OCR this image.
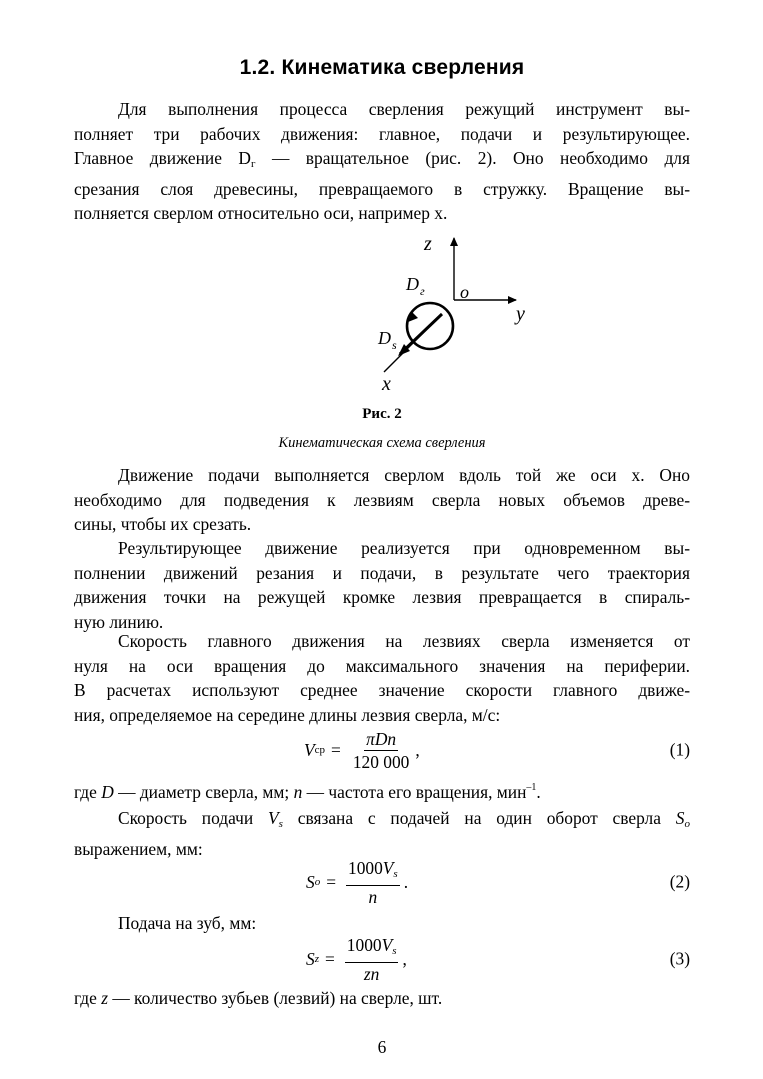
1.2. Кинематика сверления
Для выполнения процесса сверления режущий инструмент вы-
полняет три рабочих движения: главное, подачи и результирующее.
Главное движение $D_г$ — вращательное (рис. 2). Оно необходимо для
срезания слоя древесины, превращаемого в стружку. Вращение вы-
полняется сверлом относительно оси, например x.
z
D г o
y
D s
x

Рис. 2

Кинематическая схема сверления

Движение подачи выполняется сверлом вдоль той же оси x. Оно
необходимо для подведения к лезвиям сверла новых объемов древе-
сины, чтобы их срезать.
Результирующее движение реализуется при одновременном вы-
полнении движений резания и подачи, в результате чего траектория
движения точки на режущей кромке лезвия превращается в спираль-
ную линию.
Скорость главного движения на лезвиях сверла изменяется от
нуля на оси вращения до максимального значения на периферии.
В расчетах используют среднее значение скорости главного движе-
ния, определяемое на середине длины лезвия сверла, м/с:
V ср = $\frac{\text{πDn}}{120 000}$ ,	(1)
где D — диаметр сверла, мм; n — частота его вращения, мин$^{-1}$.
Скорость подачи $V_s$ связана с подачей на один оборот сверла $S_o$
выражением, мм:
S $o = \frac{1000V_s}{n}$ .	(2)
Подача на зуб, мм:
S $z = \frac{1000V_s}{zn}$ ,	(3)
где z — количество зубьев (лезвий) на сверле, шт.

6
